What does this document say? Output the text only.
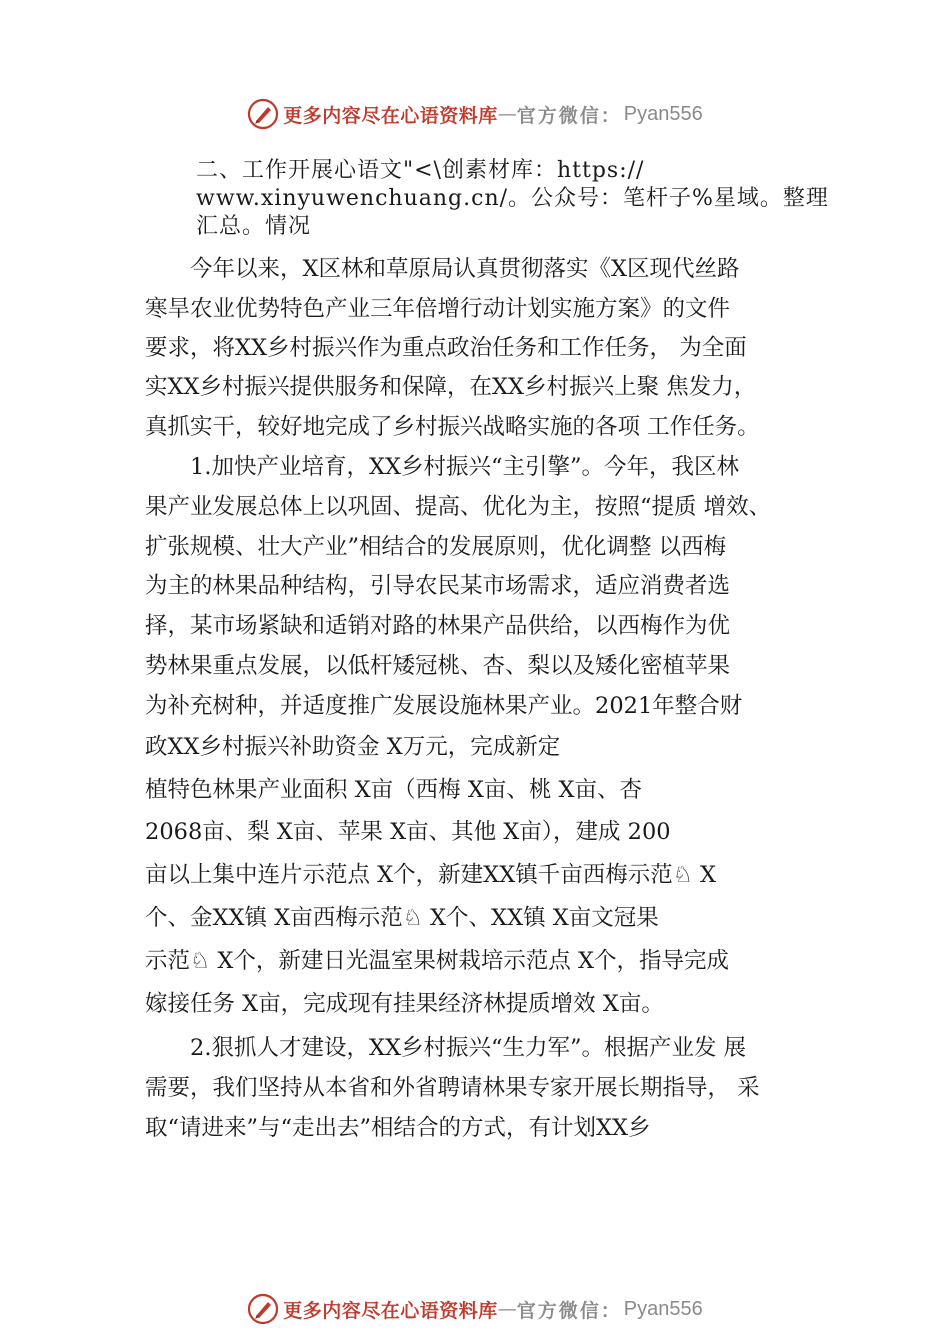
更多内容尽在心语资料库 — 官方微信： Pyan556
二、工作开展心语文"<\创素材库：https://
www.xinyuwenchuang.cn/。公众号：笔杆子%星域。整理
汇总。情况
　　今年以来，X区林和草原局认真贯彻落实《X区现代丝路
寒旱农业优势特色产业三年倍增行动计划实施方案》的文件
要求，将XX乡村振兴作为重点政治任务和工作任务， 为全面
实XX乡村振兴提供服务和保障，在XX乡村振兴上聚 焦发力，
真抓实干，较好地完成了乡村振兴战略实施的各项 工作任务。
　　1.加快产业培育，XX乡村振兴“主引擎”。今年，我区林
果产业发展总体上以巩固、提高、优化为主，按照“提质 增效、
扩张规模、壮大产业”相结合的发展原则，优化调整 以西梅
为主的林果品种结构，引导农民某市场需求，适应消费者选
择，某市场紧缺和适销对路的林果产品供给，以西梅作为优
势林果重点发展，以低杆矮冠桃、杏、梨以及矮化密植苹果
为补充树种，并适度推广发展设施林果产业。2021年整合财
政XX乡村振兴补助资金 X万元，完成新定
植特色林果产业面积 X亩（西梅 X亩、桃 X亩、杏
2068亩、梨 X亩、苹果 X亩、其他 X亩），建成 200
亩以上集中连片示范点 X个，新建XX镇千亩西梅示范♘ X
个、金XX镇 X亩西梅示范♘ X个、XX镇 X亩文冠果
示范♘ X个，新建日光温室果树栽培示范点 X个，指导完成
嫁接任务 X亩，完成现有挂果经济林提质增效 X亩。
　　2.狠抓人才建设，XX乡村振兴“生力军”。根据产业发 展
需要，我们坚持从本省和外省聘请林果专家开展长期指导， 采
取“请进来”与“走出去”相结合的方式，有计划XX乡
更多内容尽在心语资料库 — 官方微信： Pyan556
